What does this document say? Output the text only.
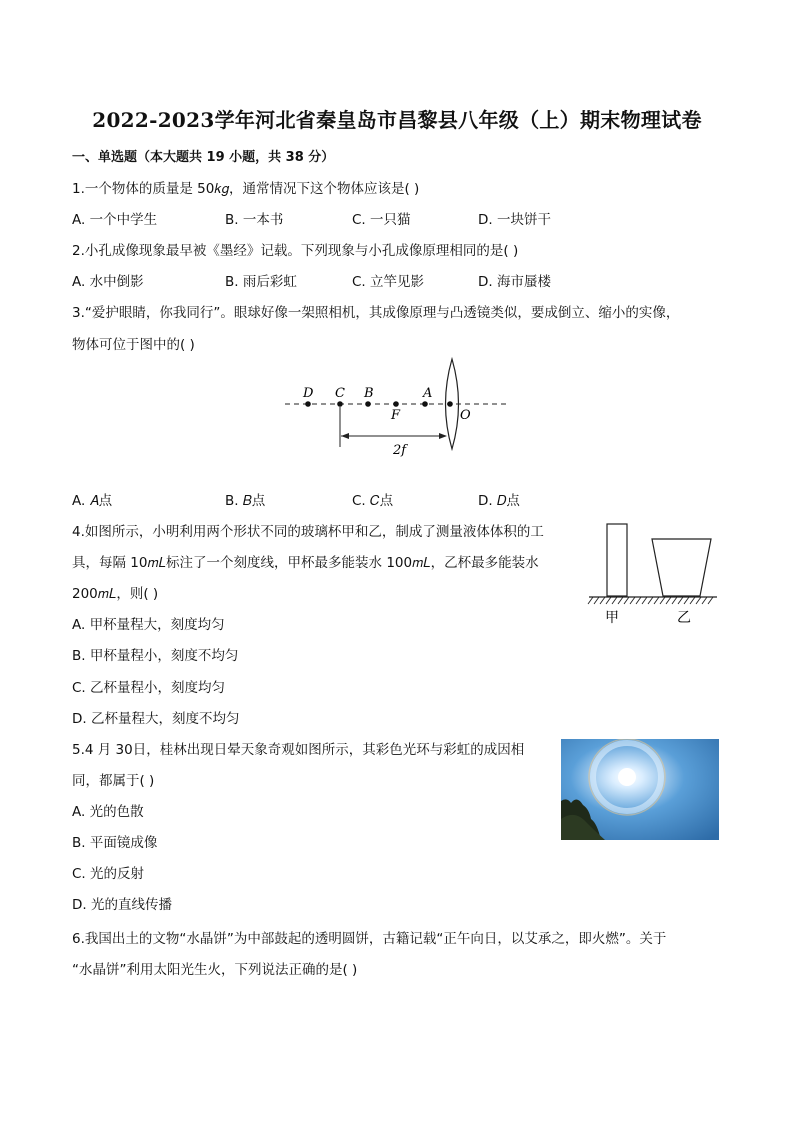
2022-2023学年河北省秦皇岛市昌黎县八年级（上）期末物理试卷
一、单选题（本大题共 19 小题，共 38 分）
1.一个物体的质量是 50𝑘𝑔，通常情况下这个物体应该是( )
A. 一个中学生	B. 一本书	C. 一只猫	D. 一块饼干
2.小孔成像现象最早被《墨经》记载。下列现象与小孔成像原理相同的是( )
A. 水中倒影	B. 雨后彩虹	C. 立竿见影	D. 海市蜃楼
3.“爱护眼睛，你我同行”。眼球好像一架照相机，其成像原理与凸透镜类似，要成倒立、缩小的实像，
物体可位于图中的( )
D C B	A
F	O
2f
A. 𝐴点	B. 𝐵点	C. 𝐶点	D. 𝐷点
4.如图所示，小明利用两个形状不同的玻璃杯甲和乙，制成了测量液体体积的工
具，每隔 10𝑚𝐿标注了一个刻度线，甲杯最多能装水 100𝑚𝐿，乙杯最多能装水
200𝑚𝐿，则( )
甲	乙
A. 甲杯量程大，刻度均匀
B. 甲杯量程小，刻度不均匀
C. 乙杯量程小，刻度均匀
D. 乙杯量程大，刻度不均匀
5.4 月 30日，桂林出现日晕天象奇观如图所示，其彩色光环与彩虹的成因相
同，都属于( )
A. 光的色散
B. 平面镜成像
C. 光的反射
D. 光的直线传播
6.我国出土的文物“水晶饼”为中部鼓起的透明圆饼，古籍记载“正午向日，以艾承之，即火燃”。关于
“水晶饼”利用太阳光生火，下列说法正确的是( )
